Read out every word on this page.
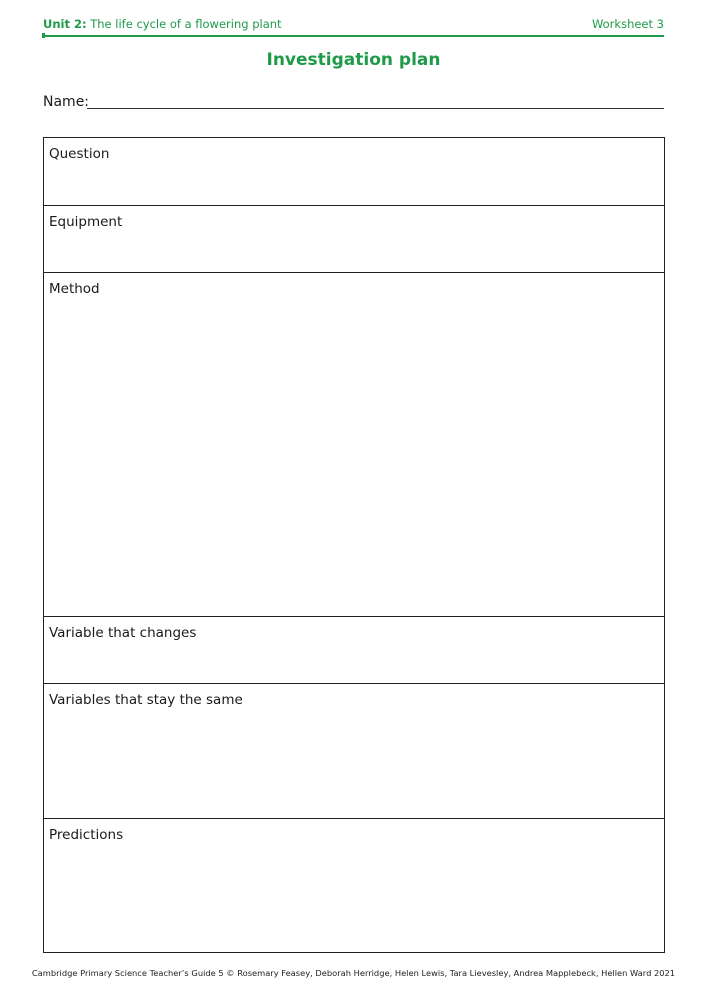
Unit 2: The life cycle of a flowering plant	Worksheet 3
Investigation plan
Name:
Question
Equipment
Method
Variable that changes
Variables that stay the same
Predictions
Cambridge Primary Science Teacher’s Guide 5 © Rosemary Feasey, Deborah Herridge, Helen Lewis, Tara Lievesley, Andrea Mapplebeck, Hellen Ward 2021
